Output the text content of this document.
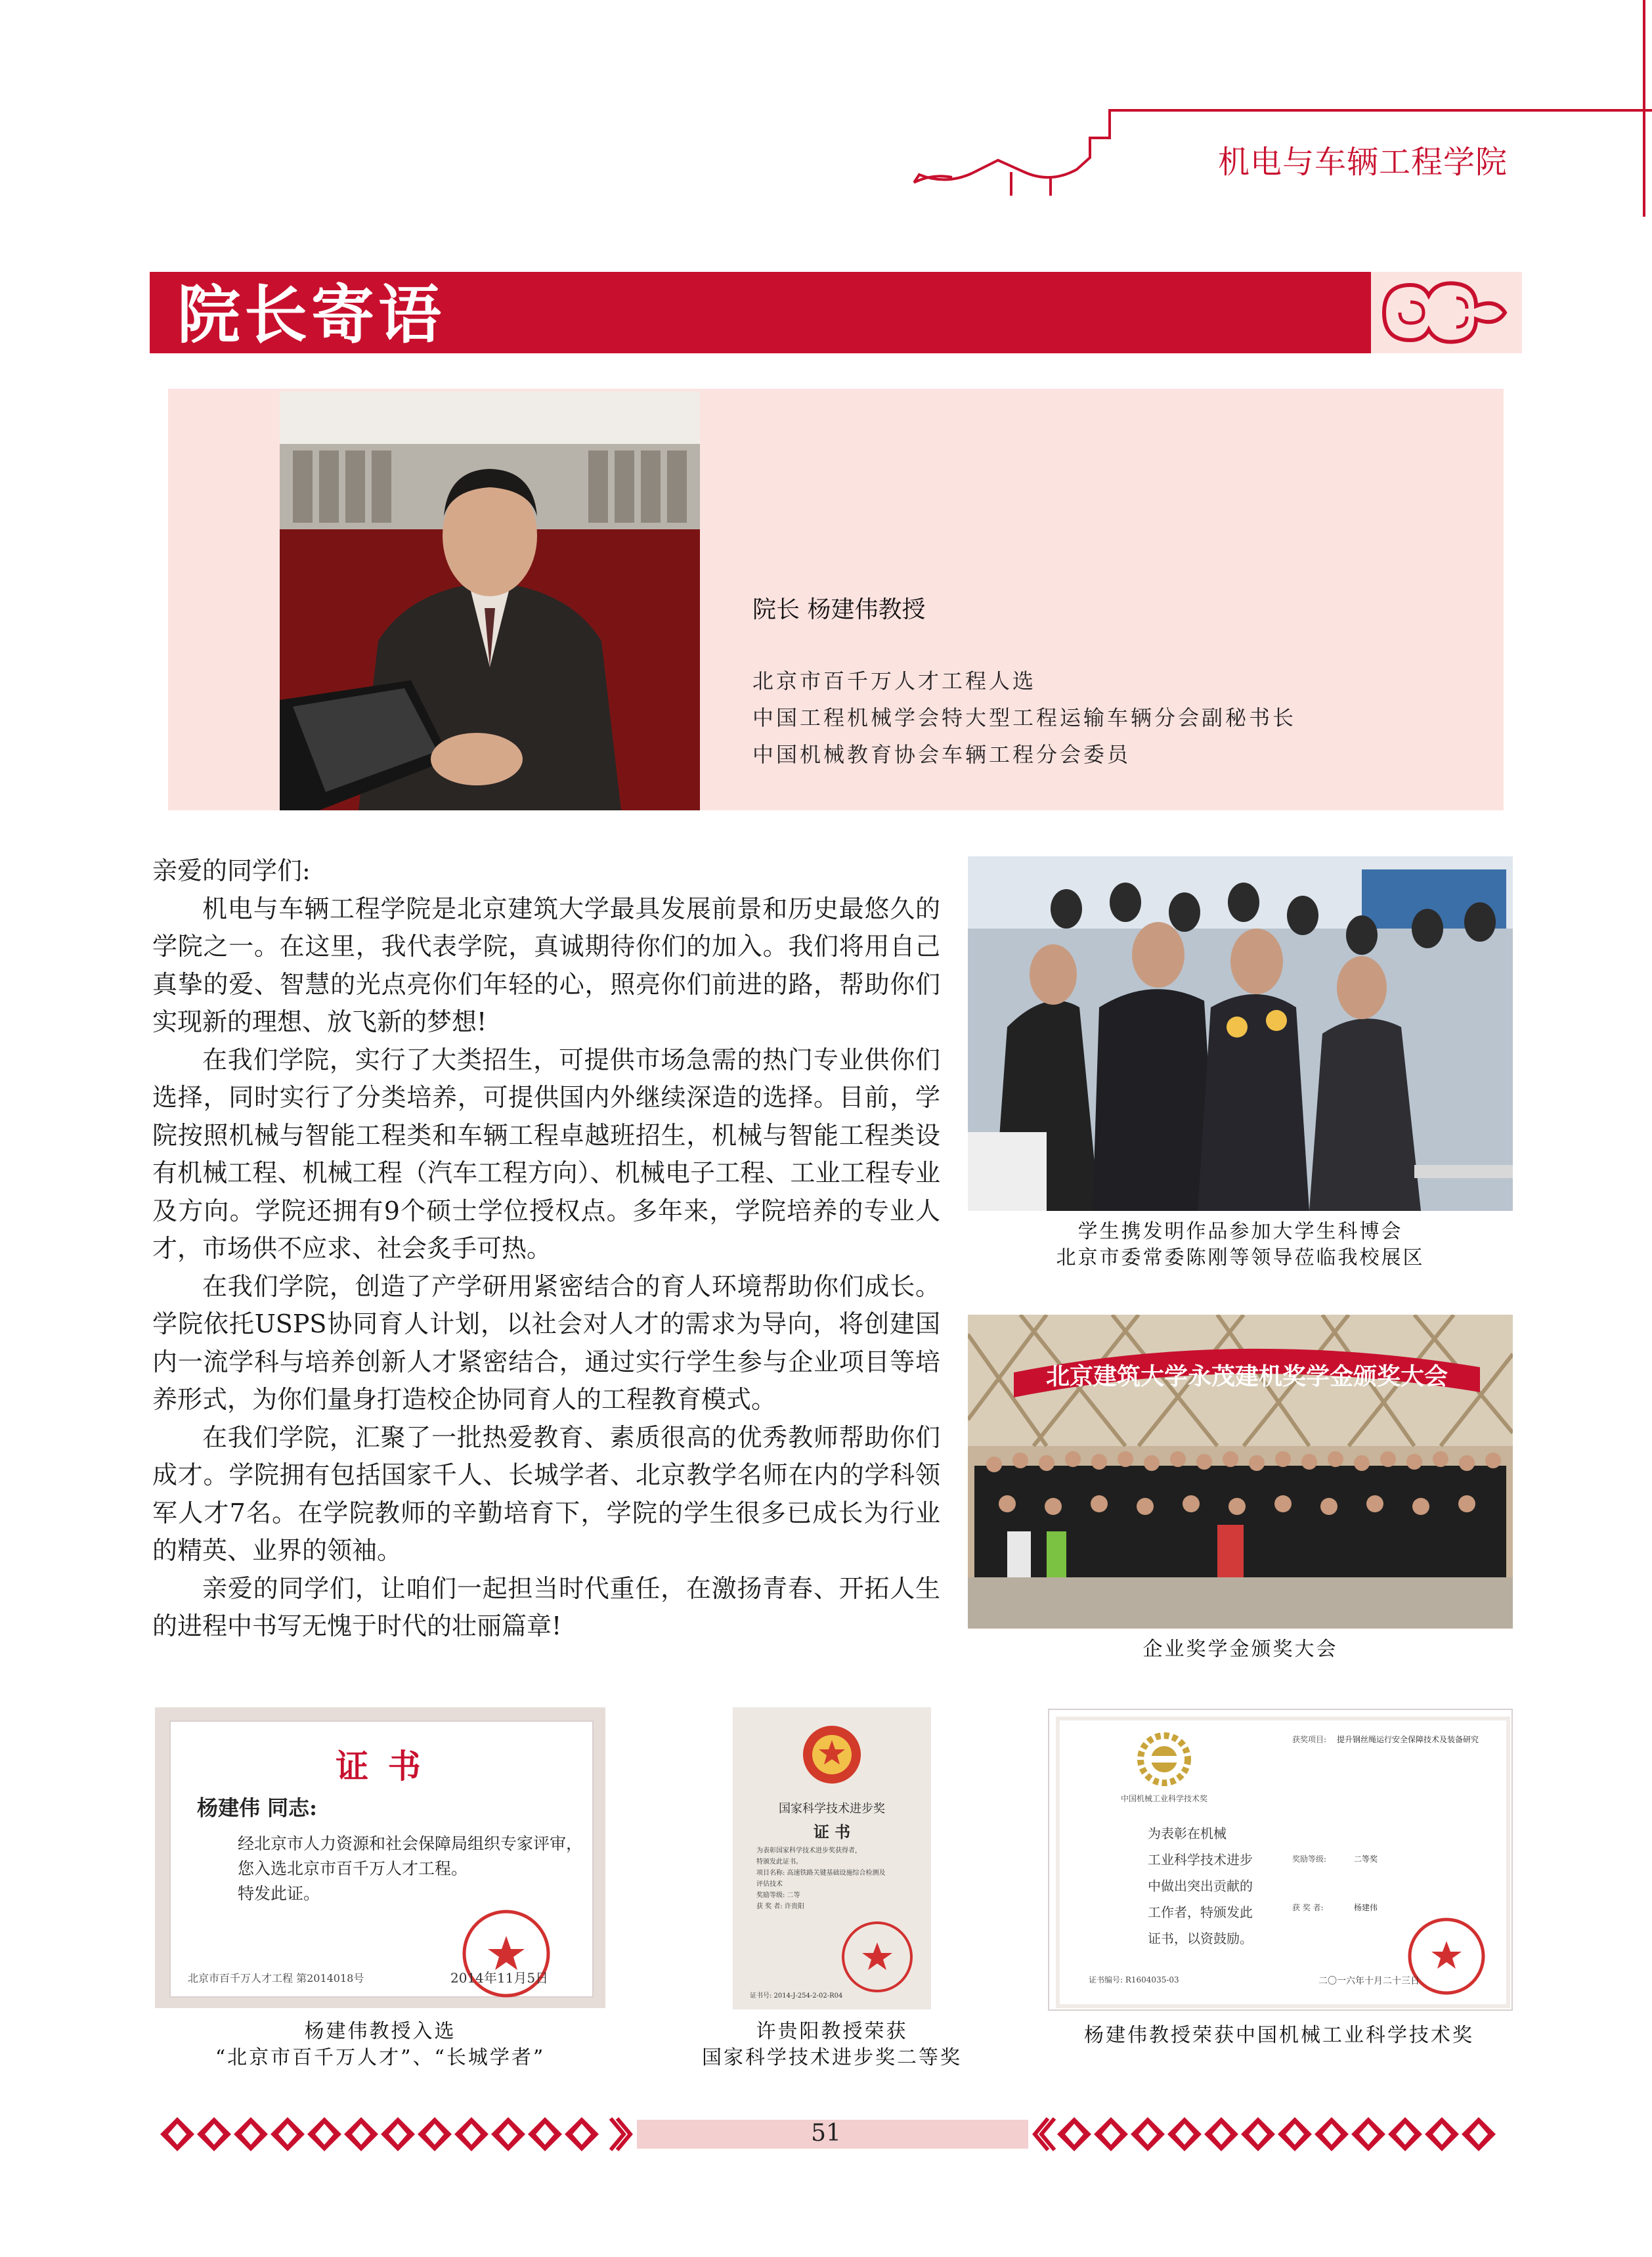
机电与车辆工程学院
院长寄语
院长 杨建伟教授
北京市百千万人才工程人选
中国工程机械学会特大型工程运输车辆分会副秘书长
中国机械教育协会车辆工程分会委员

亲爱的同学们:

机电与车辆工程学院是北京建筑大学最具发展前景和历史最悠久的学院之一。在这里，我代表学院，真诚期待你们的加入。我们将用自己真挚的爱、智慧的光点亮你们年轻的心，照亮你们前进的路，帮助你们实现新的理想、放飞新的梦想!

在我们学院，实行了大类招生，可提供市场急需的热门专业供你们选择，同时实行了分类培养，可提供国内外继续深造的选择。目前，学院按照机械与智能工程类和车辆工程卓越班招生，机械与智能工程类设有机械工程、机械工程（汽车工程方向）、机械电子工程、工业工程专业及方向。学院还拥有9个硕士学位授权点。多年来，学院培养的专业人才，市场供不应求、社会炙手可热。

在我们学院，创造了产学研用紧密结合的育人环境帮助你们成长。学院依托USPS协同育人计划，以社会对人才的需求为导向，将创建国内一流学科与培养创新人才紧密结合，通过实行学生参与企业项目等培养形式，为你们量身打造校企协同育人的工程教育模式。

在我们学院，汇聚了一批热爱教育、素质很高的优秀教师帮助你们成才。学院拥有包括国家千人、长城学者、北京教学名师在内的学科领军人才7名。在学院教师的辛勤培育下，学院的学生很多已成长为行业的精英、业界的领袖。

亲爱的同学们，让咱们一起担当时代重任，在激扬青春、开拓人生的进程中书写无愧于时代的壮丽篇章!

学生携发明作品参加大学生科博会
北京市委常委陈刚等领导莅临我校展区
北京建筑大学永茂建机奖学金颁奖大会
企业奖学金颁奖大会
证 书
杨建伟 同志:
经北京市人力资源和社会保障局组织专家评审，
您入选北京市百千万人才工程。
特发此证。
北京市百千万人才工程 第2014018号	2014年11月5日
杨建伟教授入选
“北京市百千万人才”、“长城学者”
国家科学技术进步奖
证 书
为表彰国家科学技术进步奖获得者，
特颁发此证书。
项目名称: 高速铁路关键基础设施综合检测及
评估技术
奖励等级: 二等
获 奖 者: 许贵阳
证书号: 2014-J-254-2-02-R04
许贵阳教授荣获
国家科学技术进步奖二等奖
中国机械工业科学技术奖
为表彰在机械
工业科学技术进步
中做出突出贡献的
工作者，特颁发此
证书，以资鼓励。
获奖项目: 提升钢丝绳运行安全保障技术及装备研究
奖励等级:	二等奖
获 奖 者:	杨建伟
证书编号: R1604035-03	二〇一六年十月二十三日
杨建伟教授荣获中国机械工业科学技术奖
51
